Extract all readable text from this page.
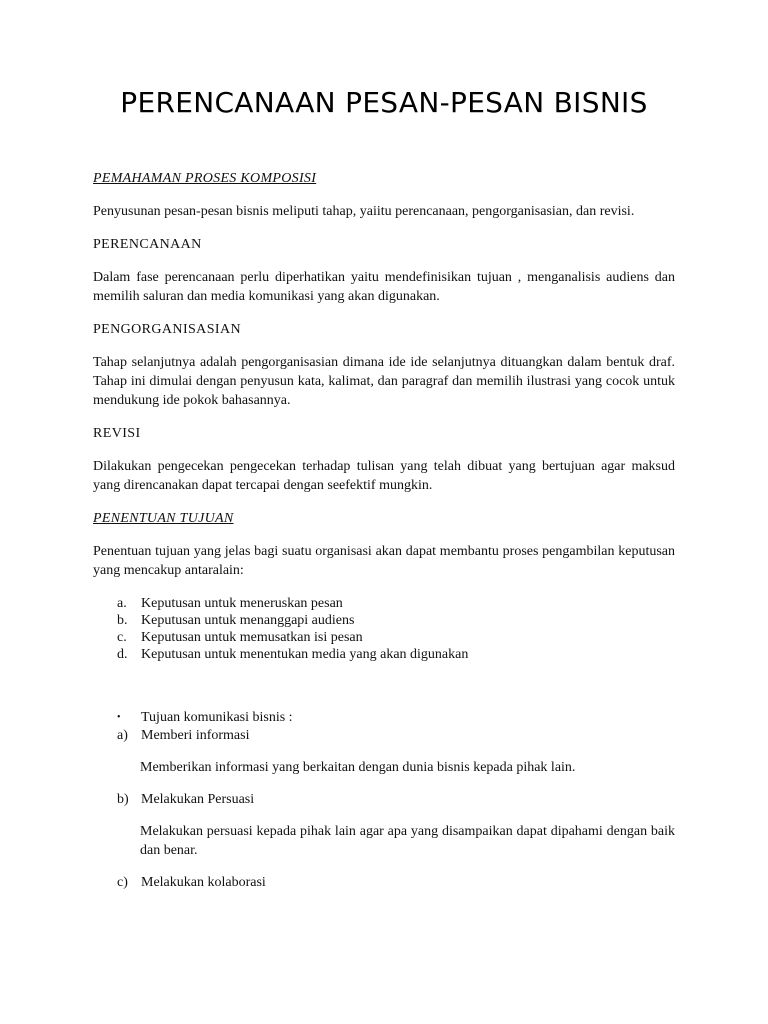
PERENCANAAN PESAN-PESAN BISNIS

PEMAHAMAN PROSES KOMPOSISI

Penyusunan pesan-pesan bisnis meliputi tahap, yaiitu perencanaan, pengorganisasian, dan revisi.

PERENCANAAN

Dalam fase perencanaan perlu diperhatikan yaitu mendefinisikan tujuan , menganalisis audiens dan memilih saluran dan media komunikasi yang akan digunakan.

PENGORGANISASIAN

Tahap selanjutnya adalah pengorganisasian dimana ide ide selanjutnya dituangkan dalam bentuk draf. Tahap ini dimulai dengan penyusun kata, kalimat, dan paragraf dan memilih ilustrasi yang cocok untuk mendukung ide pokok bahasannya.

REVISI

Dilakukan pengecekan pengecekan terhadap tulisan yang telah dibuat yang bertujuan agar maksud yang direncanakan dapat tercapai dengan seefektif mungkin.

PENENTUAN TUJUAN

Penentuan tujuan yang jelas bagi suatu organisasi akan dapat membantu proses pengambilan keputusan yang mencakup antaralain:

a.	Keputusan untuk meneruskan pesan
b. Keputusan untuk menanggapi audiens
c.	Keputusan untuk memusatkan isi pesan
d. Keputusan untuk menentukan media yang akan digunakan
•	Tujuan komunikasi bisnis :
a) Memberi informasi

Memberikan informasi yang berkaitan dengan dunia bisnis kepada pihak lain.

b) Melakukan Persuasi

Melakukan persuasi kepada pihak lain agar apa yang disampaikan dapat dipahami dengan baik dan benar.

c) Melakukan kolaborasi
